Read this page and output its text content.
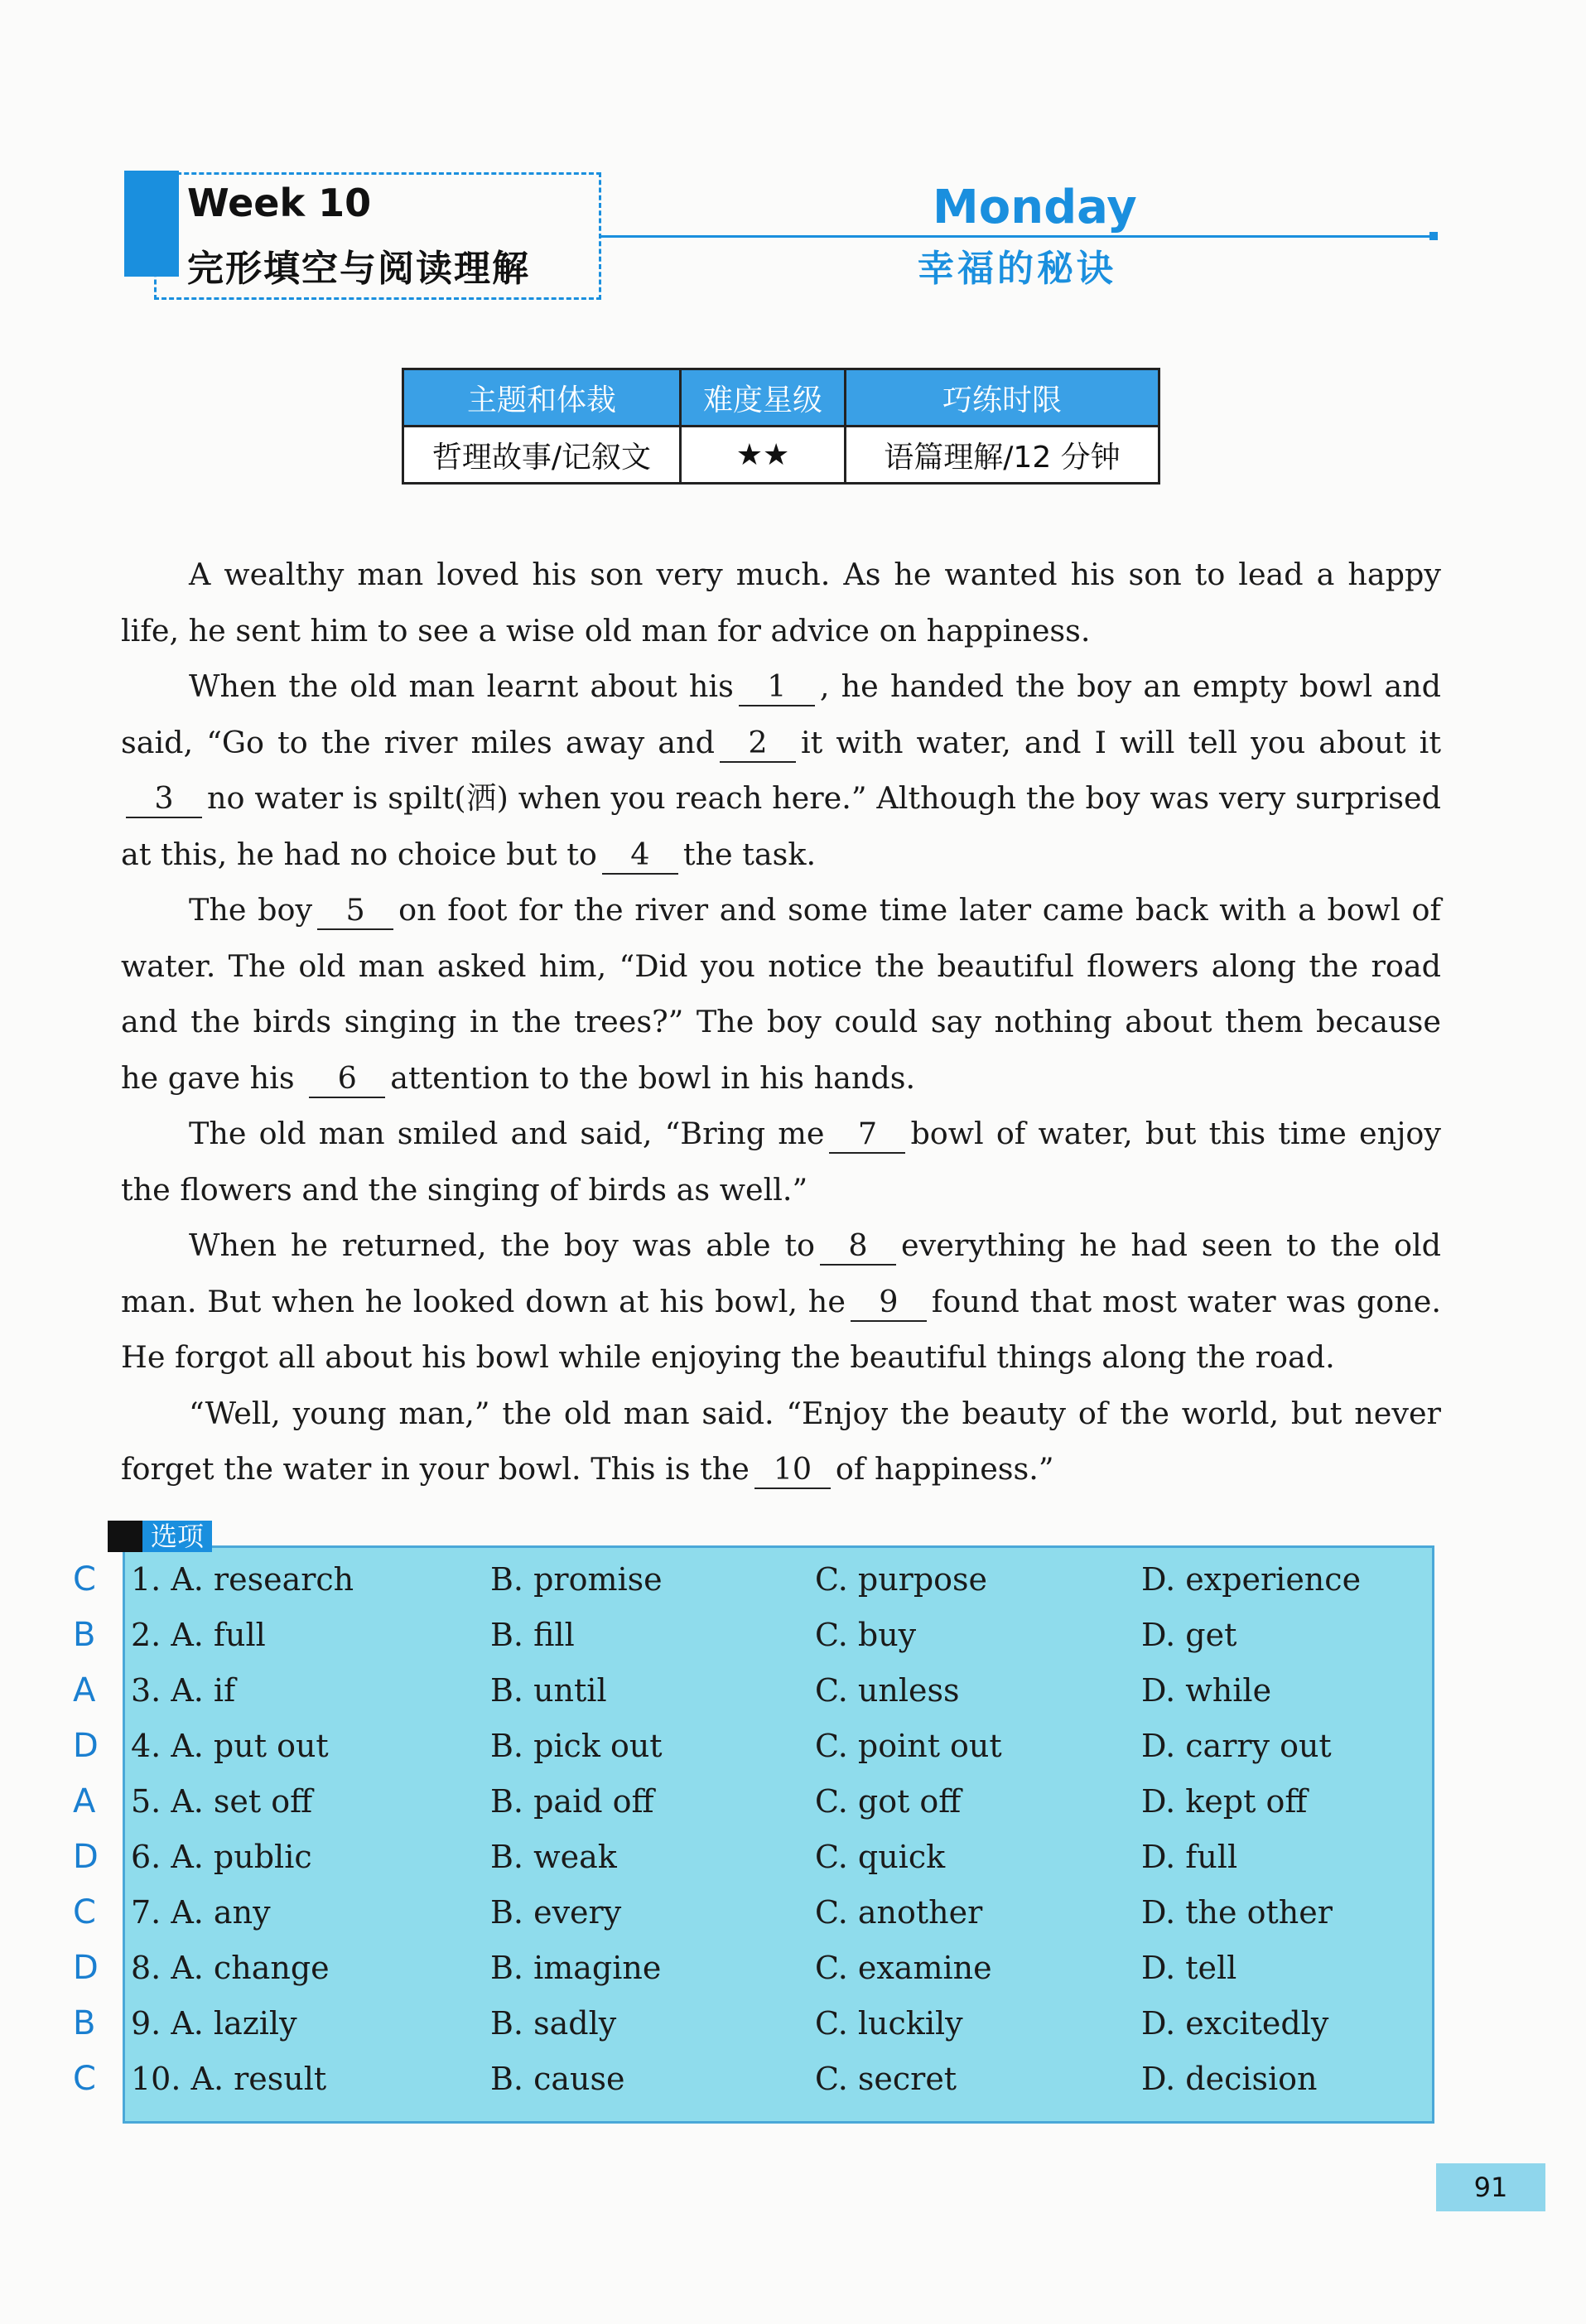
Week 10
完形填空与阅读理解
Monday
幸福的秘诀
主题和体裁	难度星级	巧练时限
哲理故事/记叙文	★★	语篇理解/12 分钟

A wealthy man loved his son very much. As he wanted his son to lead a happy life, he sent him to see a wise old man for advice on happiness.

When the old man learnt about his 1 , he handed the boy an empty bowl and said, “Go to the river miles away and 2 it with water, and I will tell you about it3 no water is spilt(洒) when you reach here.” Although the boy was very surprised at this, he had no choice but to 4 the task.

The boy 5 on foot for the river and some time later came back with a bowl of water. The old man asked him, “Did you notice the beautiful flowers along the road and the birds singing in the trees?” The boy could say nothing about them because he gave his 6 attention to the bowl in his hands.

The old man smiled and said, “Bring me 7 bowl of water, but this time enjoy the flowers and the singing of birds as well.”

When he returned, the boy was able to 8 everything he had seen to the old man. But when he looked down at his bowl, he 9 found that most water was gone. He forgot all about his bowl while enjoying the beautiful things along the road.

“Well, young man,” the old man said. “Enjoy the beauty of the world, but never forget the water in your bowl. This is the 10 of happiness.”

选项
C 1. A. research	B. promise	C. purpose	D. experience
B 2. A. full	B. fill	C. buy	D. get
A 3. A. if	B. until	C. unless	D. while
D 4. A. put out	B. pick out	C. point out	D. carry out
A 5. A. set off	B. paid off	C. got off	D. kept off
D 6. A. public	B. weak	C. quick	D. full
C 7. A. any	B. every	C. another	D. the other
D 8. A. change	B. imagine	C. examine	D. tell
B 9. A. lazily	B. sadly	C. luckily	D. excitedly
C 10. A. result	B. cause	C. secret	D. decision
91
